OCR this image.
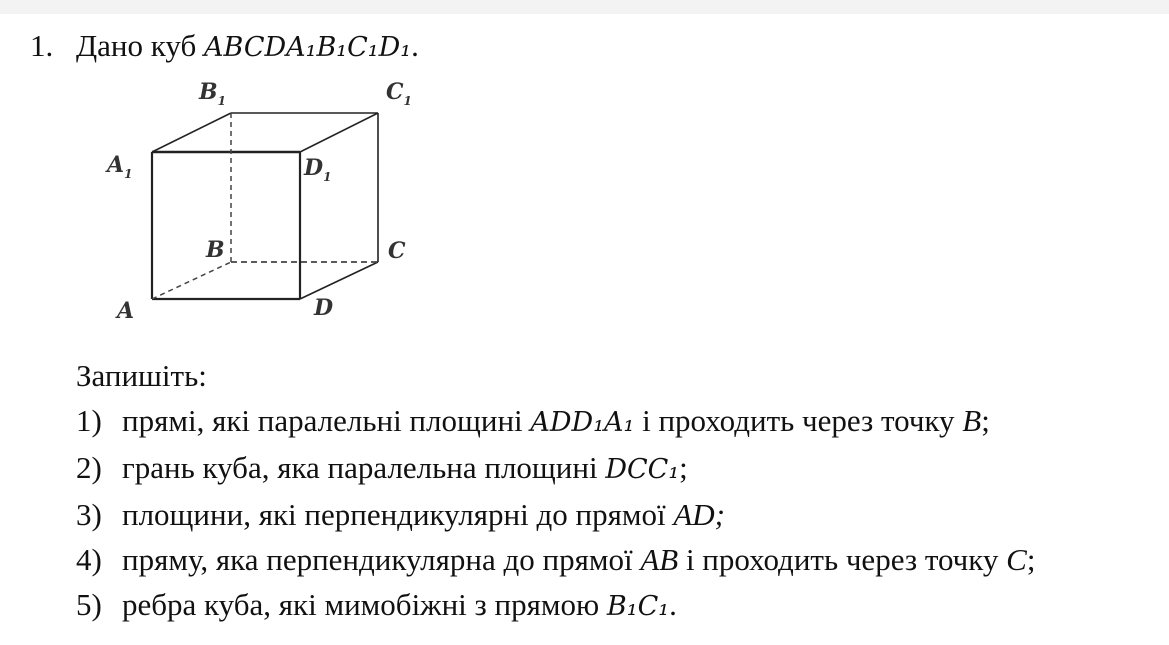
1. Дано куб ABCDA₁B₁C₁D₁.
$B_1$	$C_1$
$A_1$	$D_1$
B	C
A	D
Запишіть:
1) прямі, які паралельні площині ADD₁A₁ і проходить через точку B;
2) грань куба, яка паралельна площині DCC₁;
3) площини, які перпендикулярні до прямої AD;
4) пряму, яка перпендикулярна до прямої AB і проходить через точку C;
5) ребра куба, які мимобіжні з прямою B₁C₁.
